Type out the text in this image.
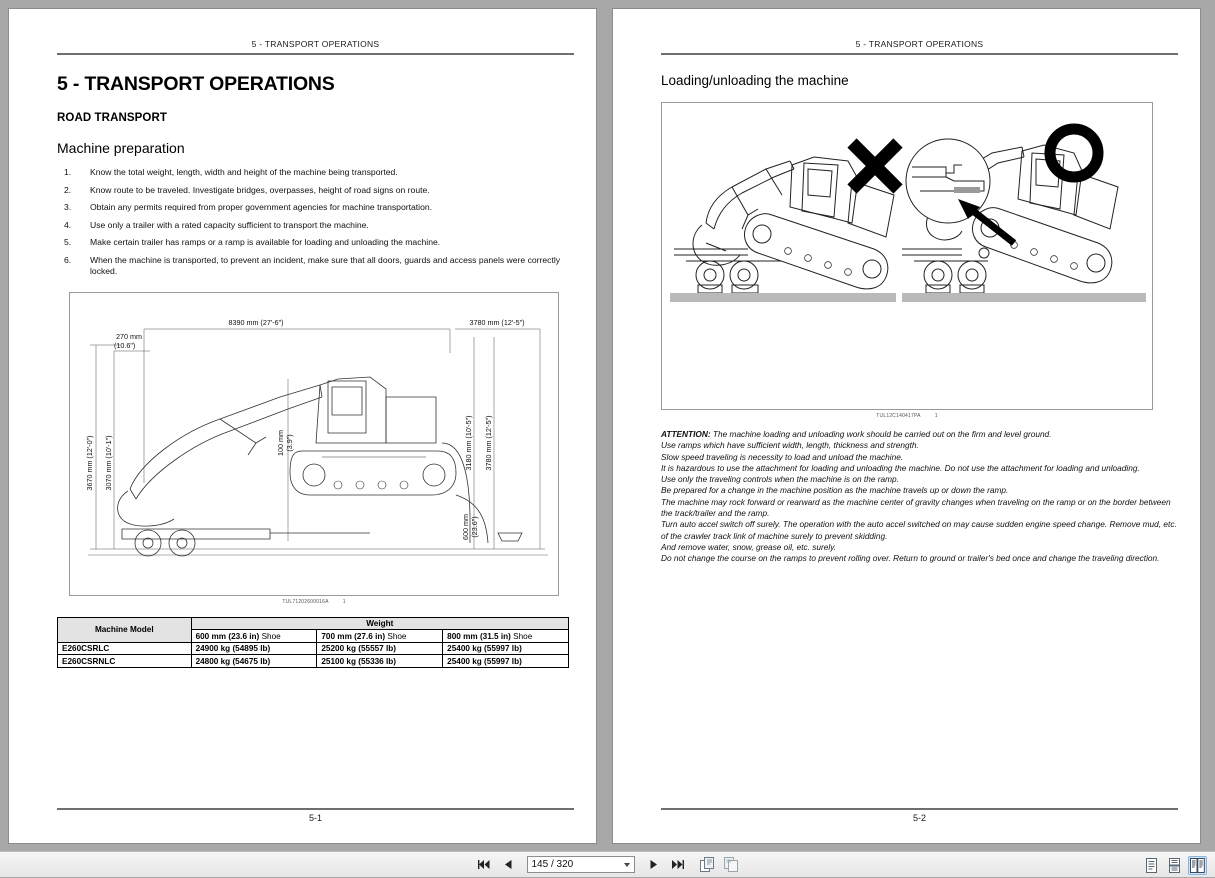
5 - TRANSPORT OPERATIONS
5 - TRANSPORT OPERATIONS
ROAD TRANSPORT
Machine preparation
1. Know the total weight, length, width and height of the machine being transported.
2. Know route to be traveled. Investigate bridges, overpasses, height of road signs on route.
3. Obtain any permits required from proper government agencies for machine transportation.
4. Use only a trailer with a rated capacity sufficient to transport the machine.
5. Make certain trailer has ramps or a ramp is available for loading and unloading the machine.
6. When the machine is transported, to prevent an incident, make sure that all doors, guards and access panels were correctly locked.
8390 mm (27'-6")	3780 mm (12'-5")
270 mm
(10.6")
3070 mm (10'-1")
3670 mm (12'-0")	100 mm (3.9")	3180 mm (10'-5") 3780 mm (12'-5")
600 mm (23.6")
TUL71202600016A	1
Machine Model	Weight		
	600 mm (23.6 in) Shoe	700 mm (27.6 in) Shoe	800 mm (31.5 in) Shoe
E260CSRLC	24900 kg (54895 lb)	25200 kg (55557 lb)	25400 kg (55997 lb)
E260CSRNLC	24800 kg (54675 lb)	25100 kg (55336 lb)	25400 kg (55997 lb)
5-1
5 - TRANSPORT OPERATIONS
Loading/unloading the machine
TUL12C140417PA	1
ATTENTION: The machine loading and unloading work should be carried out on the firm and level ground.
Use ramps which have sufficient width, length, thickness and strength.
Slow speed traveling is necessity to load and unload the machine.
It is hazardous to use the attachment for loading and unloading the machine. Do not use the attachment for loading and unloading.
Use only the traveling controls when the machine is on the ramp.
Be prepared for a change in the machine position as the machine travels up or down the ramp.
The machine may rock forward or rearward as the machine center of gravity changes when traveling on the ramp or on the border between the track/trailer and the ramp.
Turn auto accel switch off surely. The operation with the auto accel switched on may cause sudden engine speed change. Remove mud, etc. of the crawler track link of machine surely to prevent skidding.
And remove water, snow, grease oil, etc. surely.
Do not change the course on the ramps to prevent rolling over. Return to ground or trailer's bed once and change the traveling direction.

5-2
145 / 320
